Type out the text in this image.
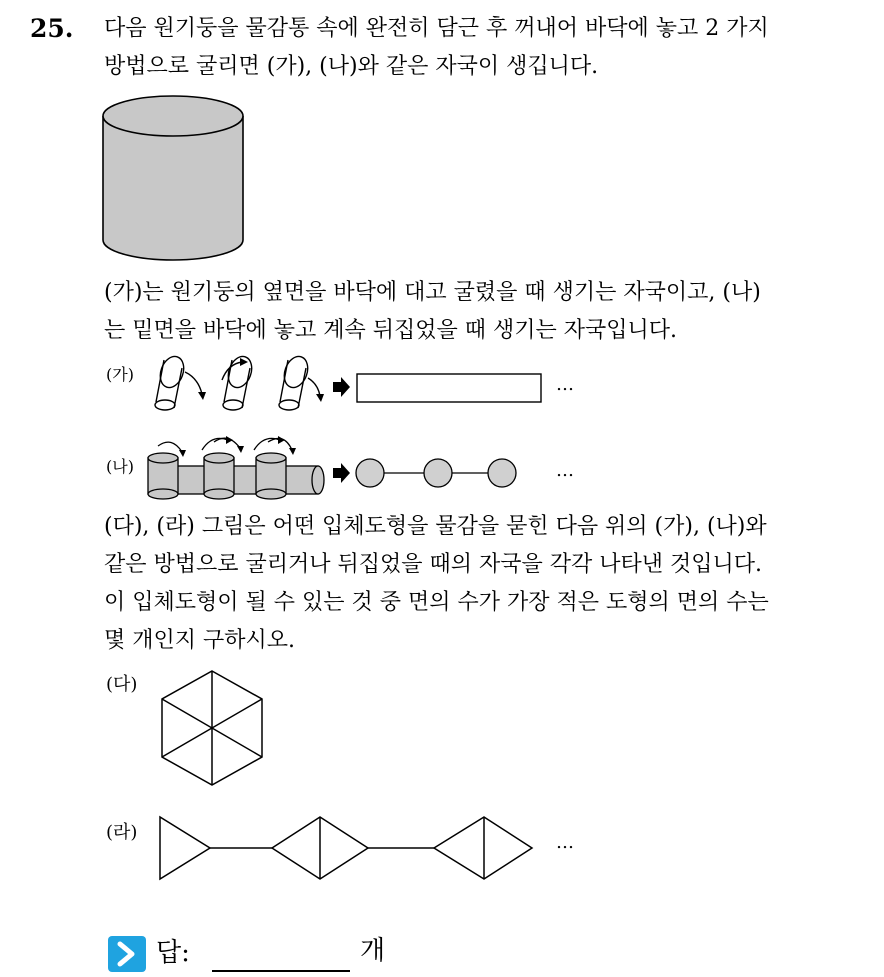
25. 다음 원기둥을 물감통 속에 완전히 담근 후 꺼내어 바닥에 놓고 2 가지
방법으로 굴리면 (가), (나)와 같은 자국이 생깁니다.
(가)는 원기둥의 옆면을 바닥에 대고 굴렸을 때 생기는 자국이고, (나)
는 밑면을 바닥에 놓고 계속 뒤집었을 때 생기는 자국입니다.
(가)	…
(나)	…
(다), (라) 그림은 어떤 입체도형을 물감을 묻힌 다음 위의 (가), (나)와
같은 방법으로 굴리거나 뒤집었을 때의 자국을 각각 나타낸 것입니다.
이 입체도형이 될 수 있는 것 중 면의 수가 가장 적은 도형의 면의 수는
몇 개인지 구하시오.
(다)
(라)	…
답:	개
